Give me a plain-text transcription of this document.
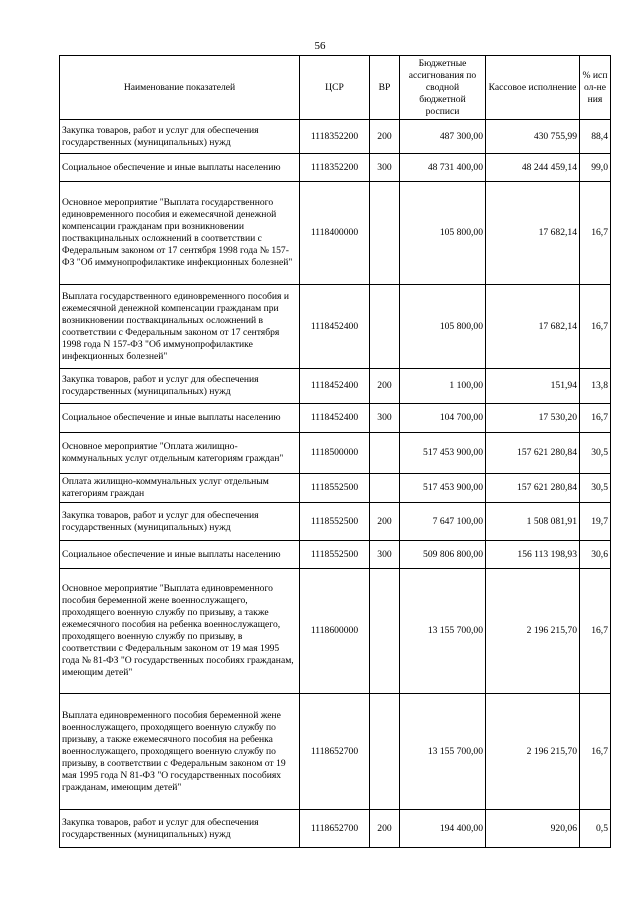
56
Наименование показателей	ЦСР	ВР	Бюджетные ассигнования по сводной бюджетной росписи	Кассовое исполнение	% испол-нения
Закупка товаров, работ и услуг для обеспечения государственных (муниципальных) нужд	1118352200	200	487 300,00	430 755,99	88,4
Социальное обеспечение и иные выплаты населению	1118352200	300	48 731 400,00	48 244 459,14	99,0
Основное мероприятие "Выплата государственного единовременного пособия и ежемесячной денежной компенсации гражданам при возникновении поствакцинальных осложнений в соответствии с Федеральным законом от 17 сентября 1998 года № 157-ФЗ "Об иммунопрофилактике инфекционных болезней"	1118400000		105 800,00	17 682,14	16,7
Выплата государственного единовременного пособия и ежемесячной денежной компенсации гражданам при возникновении поствакцинальных осложнений в соответствии с Федеральным законом от 17 сентября 1998 года N 157-ФЗ "Об иммунопрофилактике инфекционных болезней"	1118452400		105 800,00	17 682,14	16,7
Закупка товаров, работ и услуг для обеспечения государственных (муниципальных) нужд	1118452400	200	1 100,00	151,94	13,8
Социальное обеспечение и иные выплаты населению	1118452400	300	104 700,00	17 530,20	16,7
Основное мероприятие "Оплата жилищно-коммунальных услуг отдельным категориям граждан"	1118500000		517 453 900,00	157 621 280,84	30,5
Оплата жилищно-коммунальных услуг отдельным категориям граждан	1118552500		517 453 900,00	157 621 280,84	30,5
Закупка товаров, работ и услуг для обеспечения государственных (муниципальных) нужд	1118552500	200	7 647 100,00	1 508 081,91	19,7
Социальное обеспечение и иные выплаты населению	1118552500	300	509 806 800,00	156 113 198,93	30,6
Основное мероприятие "Выплата единовременного пособия беременной жене военнослужащего, проходящего военную службу по призыву, а также ежемесячного пособия на ребенка военнослужащего, проходящего военную службу по призыву, в соответствии с Федеральным законом от 19 мая 1995 года № 81-ФЗ "О государственных пособиях гражданам, имеющим детей"	1118600000		13 155 700,00	2 196 215,70	16,7
Выплата единовременного пособия беременной жене военнослужащего, проходящего военную службу по призыву, а также ежемесячного пособия на ребенка военнослужащего, проходящего военную службу по призыву, в соответствии с Федеральным законом от 19 мая 1995 года N 81-ФЗ "О государственных пособиях гражданам, имеющим детей"	1118652700		13 155 700,00	2 196 215,70	16,7
Закупка товаров, работ и услуг для обеспечения государственных (муниципальных) нужд	1118652700	200	194 400,00	920,06	0,5
